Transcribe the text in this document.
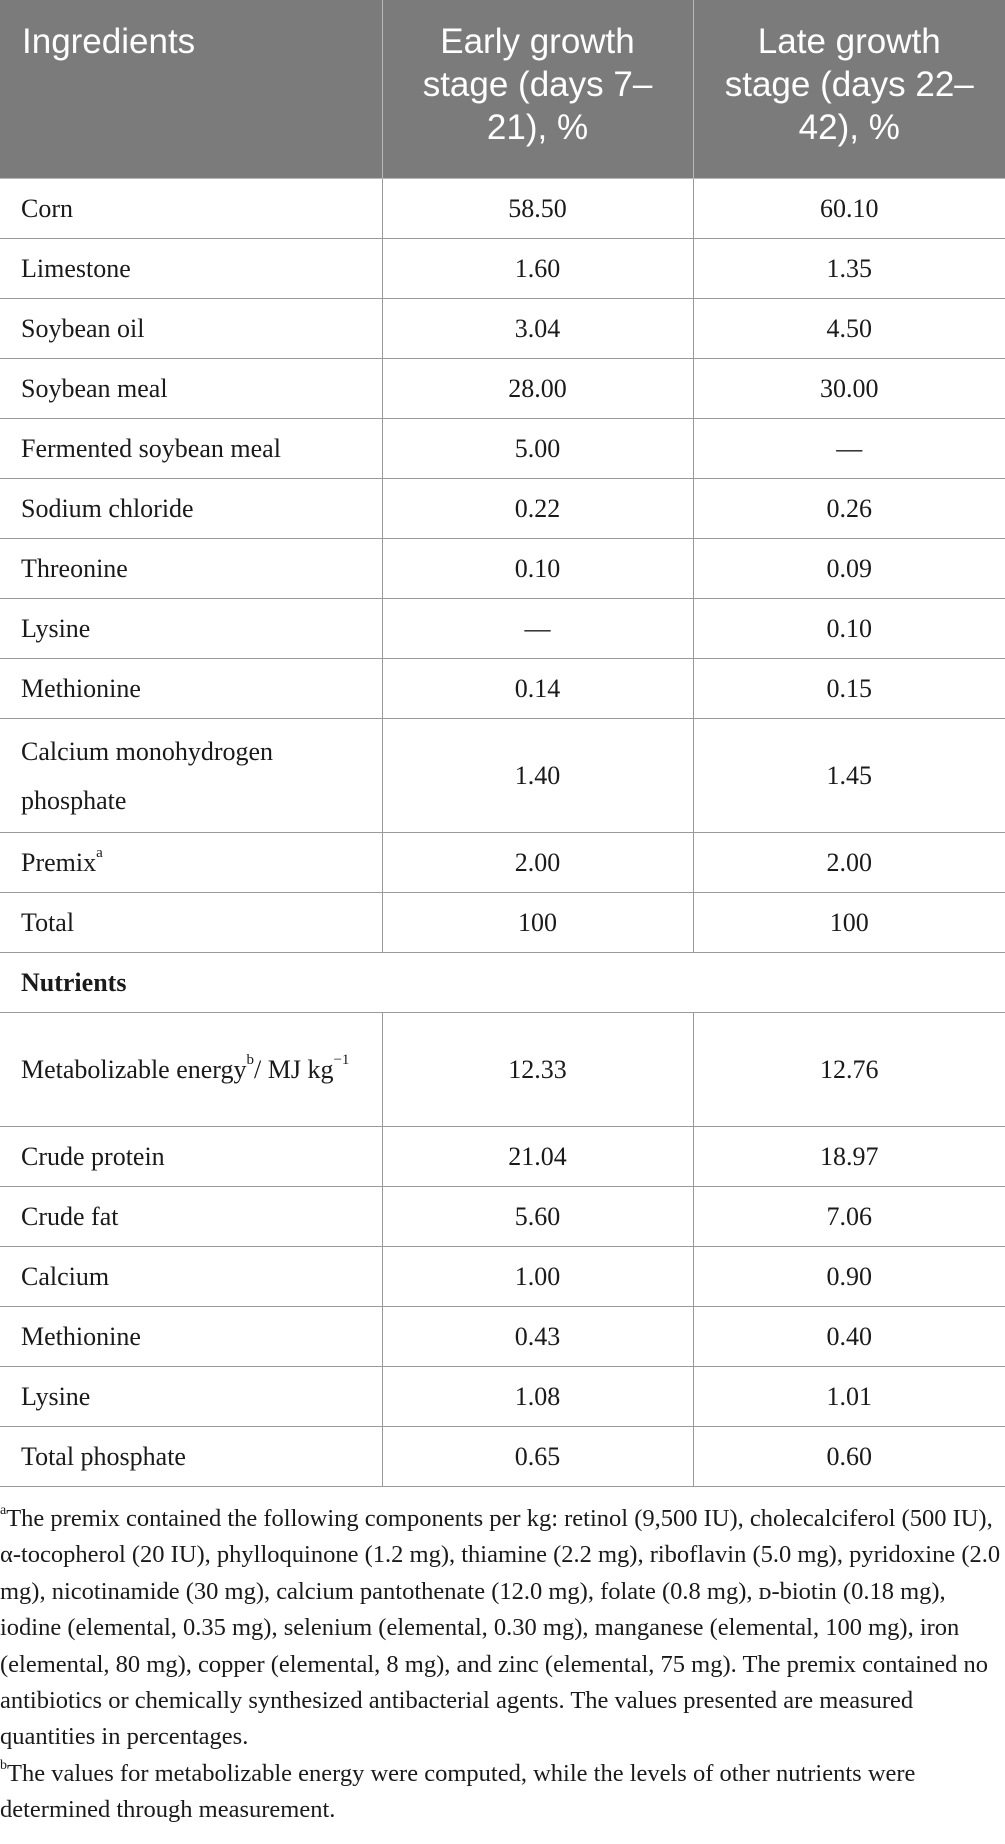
Ingredients	Early growth stage (days 7–21), %	Late growth stage (days 22–42), %
Corn	58.50	60.10
Limestone	1.60	1.35
Soybean oil	3.04	4.50
Soybean meal	28.00	30.00
Fermented soybean meal	5.00	—
Sodium chloride	0.22	0.26
Threonine	0.10	0.09
Lysine	—	0.10
Methionine	0.14	0.15
Calcium monohydrogen phosphate	1.40	1.45
Premix$^a$	2.00	2.00
Total	100	100
Nutrients		
Metabolizable energy$^b$/ MJ $kg^{-1}$	12.33	12.76
Crude protein	21.04	18.97
Crude fat	5.60	7.06
Calcium	1.00	0.90
Methionine	0.43	0.40
Lysine	1.08	1.01
Total phosphate	0.65	0.60

$^a$The premix contained the following components per kg: retinol (9,500 IU), cholecalciferol (500 IU), α-tocopherol (20 IU), phylloquinone (1.2 mg), thiamine (2.2 mg), riboflavin (5.0 mg), pyridoxine (2.0 mg), nicotinamide (30 mg), calcium pantothenate (12.0 mg), folate (0.8 mg), ᴅ-biotin (0.18 mg), iodine (elemental, 0.35 mg), selenium (elemental, 0.30 mg), manganese (elemental, 100 mg), iron (elemental, 80 mg), copper (elemental, 8 mg), and zinc (elemental, 75 mg). The premix contained no antibiotics or chemically synthesized antibacterial agents. The values presented are measured quantities in percentages.

$^b$The values for metabolizable energy were computed, while the levels of other nutrients were determined through measurement.
